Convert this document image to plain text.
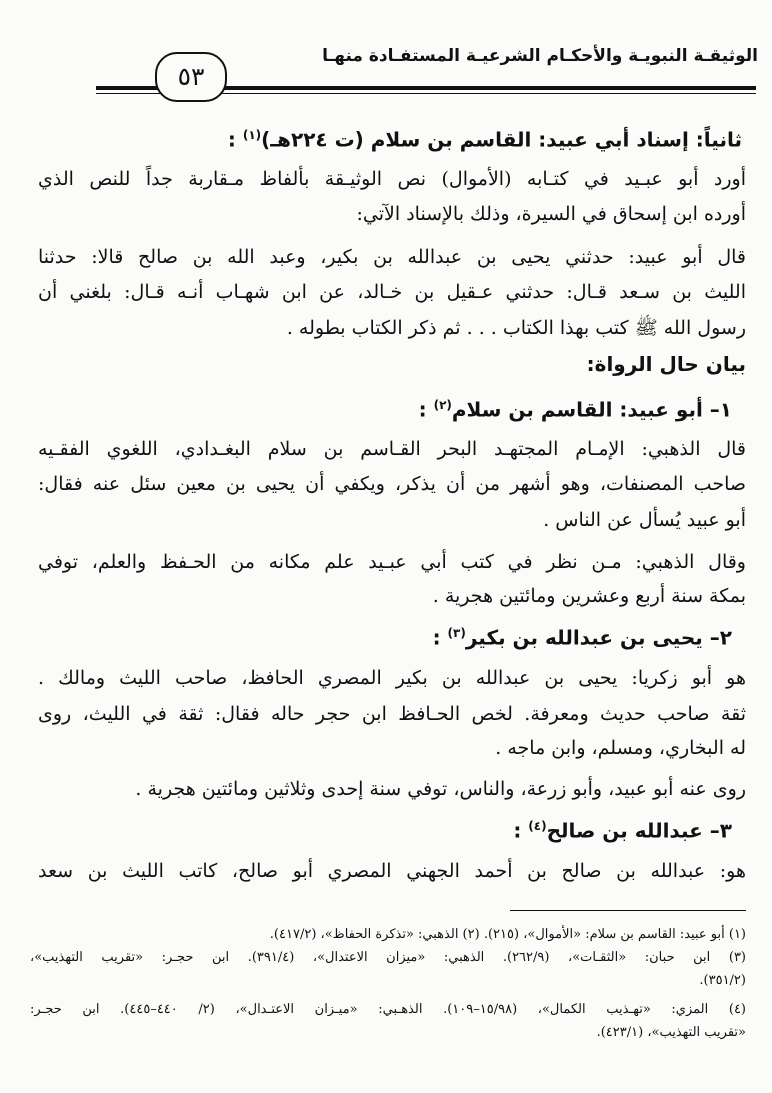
الوثيقـة النبويـة والأحكـام الشرعيـة المستفـادة منهـا
٥٣
ثانياً: إسناد أبي عبيد: القاسم بن سلام (ت ٢٢٤هـ)$^{(١)}$ :
أورد أبو عبـيد في كتـابه (الأموال) نص الوثيـقة بألفاظ مـقاربة جداً للنص الذي
أورده ابن إسحاق في السيرة، وذلك بالإسناد الآتي:
قال أبو عبيد: حدثني يحيى بن عبدالله بن بكير، وعبد الله بن صالح قالا: حدثنا
الليث بن سـعد قـال: حدثني عـقيل بن خـالد، عن ابن شهـاب أنـه قـال: بلغني أن
رسول الله ﷺ كتب بهذا الكتاب . . . ثم ذكر الكتاب بطوله .
بيان حال الرواة:
١– أبو عبيد: القاسم بن سلام$^{(٢)}$ :
قال الذهبي: الإمـام المجتهـد البحر القـاسم بن سلام البغـدادي، اللغوي الفقـيه
صاحب المصنفات، وهو أشهر من أن يذكر، ويكفي أن يحيى بن معين سئل عنه فقال:
أبو عبيد يُسأل عن الناس .
وقال الذهبي: مـن نظر في كتب أبي عبـيد علم مكانه من الحـفظ والعلم، توفي
بمكة سنة أربع وعشرين ومائتين هجرية .
٢– يحيى بن عبدالله بن بكير$^{(٣)}$ :
هو أبو زكريا: يحيى بن عبدالله بن بكير المصري الحافظ، صاحب الليث ومالك .
ثقة صاحب حديث ومعرفة. لخص الحـافظ ابن حجر حاله فقال: ثقة في الليث، روى
له البخاري، ومسلم، وابن ماجه .
روى عنه أبو عبيد، وأبو زرعة، والناس، توفي سنة إحدى وثلاثين ومائتين هجرية .
٣– عبدالله بن صالح$^{(٤)}$ :
هو: عبدالله بن صالح بن أحمد الجهني المصري أبو صالح، كاتب الليث بن سعد
(١) أبو عبيد: القاسم بن سلام: «الأموال»، (٢١٥). (٢) الذهبي: «تذكرة الحفاظ»، (٤١٧/٢).
(٣) ابن حبان: «الثقـات»، (٢٦٢/٩). الذهبي: «ميزان الاعتدال»، (٣٩١/٤). ابن حجـر: «تقريب التهذيب»،
(٣٥١/٢).
(٤) المزي: «تهـذيب الكمال»، (١٥/٩٨–١٠٩). الذهـبي: «ميـزان الاعتـدال»، (٢/ ٤٤٠–٤٤٥). ابن حجـر:
«تقريب التهذيب»، (٤٢٣/١).
